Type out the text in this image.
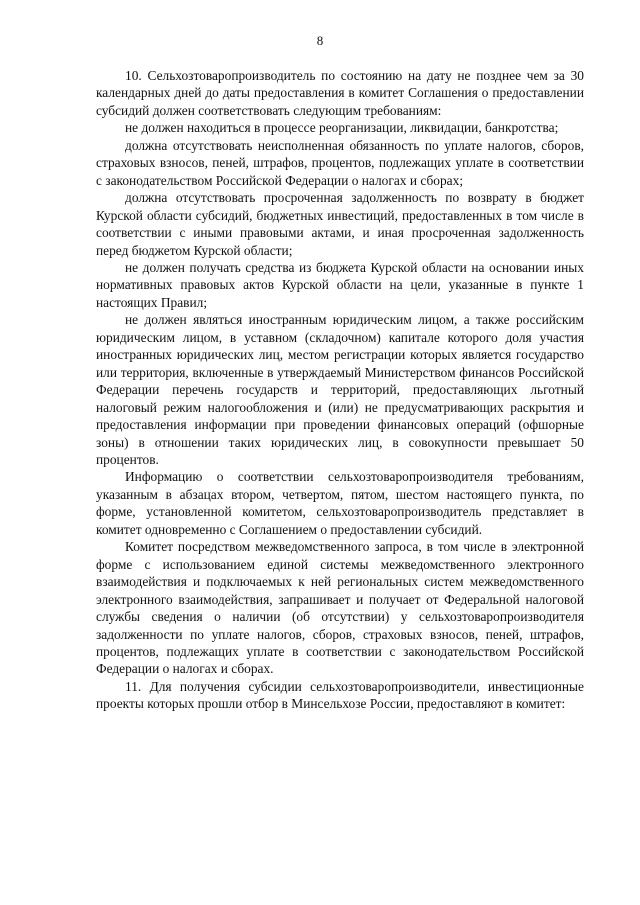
8

10. Сельхозтоваропроизводитель по состоянию на дату не позднее чем за 30 календарных дней до даты предоставления в комитет Соглашения о предоставлении субсидий должен соответствовать следующим требованиям:

не должен находиться в процессе реорганизации, ликвидации, банкротства;

должна отсутствовать неисполненная обязанность по уплате налогов, сборов, страховых взносов, пеней, штрафов, процентов, подлежащих уплате в соответствии с законодательством Российской Федерации о налогах и сборах;

должна отсутствовать просроченная задолженность по возврату в бюджет Курской области субсидий, бюджетных инвестиций, предоставленных в том числе в соответствии с иными правовыми актами, и иная просроченная задолженность перед бюджетом Курской области;

не должен получать средства из бюджета Курской области на основании иных нормативных правовых актов Курской области на цели, указанные в пункте 1 настоящих Правил;

не должен являться иностранным юридическим лицом, а также российским юридическим лицом, в уставном (складочном) капитале которого доля участия иностранных юридических лиц, местом регистрации которых является государство или территория, включенные в утверждаемый Министерством финансов Российской Федерации перечень государств и территорий, предоставляющих льготный налоговый режим налогообложения и (или) не предусматривающих раскрытия и предоставления информации при проведении финансовых операций (офшорные зоны) в отношении таких юридических лиц, в совокупности превышает 50 процентов.

Информацию о соответствии сельхозтоваропроизводителя требованиям, указанным в абзацах втором, четвертом, пятом, шестом настоящего пункта, по форме, установленной комитетом, сельхозтоваропроизводитель представляет в комитет одновременно с Соглашением о предоставлении субсидий.

Комитет посредством межведомственного запроса, в том числе в электронной форме с использованием единой системы межведомственного электронного взаимодействия и подключаемых к ней региональных систем межведомственного электронного взаимодействия, запрашивает и получает от Федеральной налоговой службы сведения о наличии (об отсутствии) у сельхозтоваропроизводителя задолженности по уплате налогов, сборов, страховых взносов, пеней, штрафов, процентов, подлежащих уплате в соответствии с законодательством Российской Федерации о налогах и сборах.

11. Для получения субсидии сельхозтоваропроизводители, инвестиционные проекты которых прошли отбор в Минсельхозе России, предоставляют в комитет:
